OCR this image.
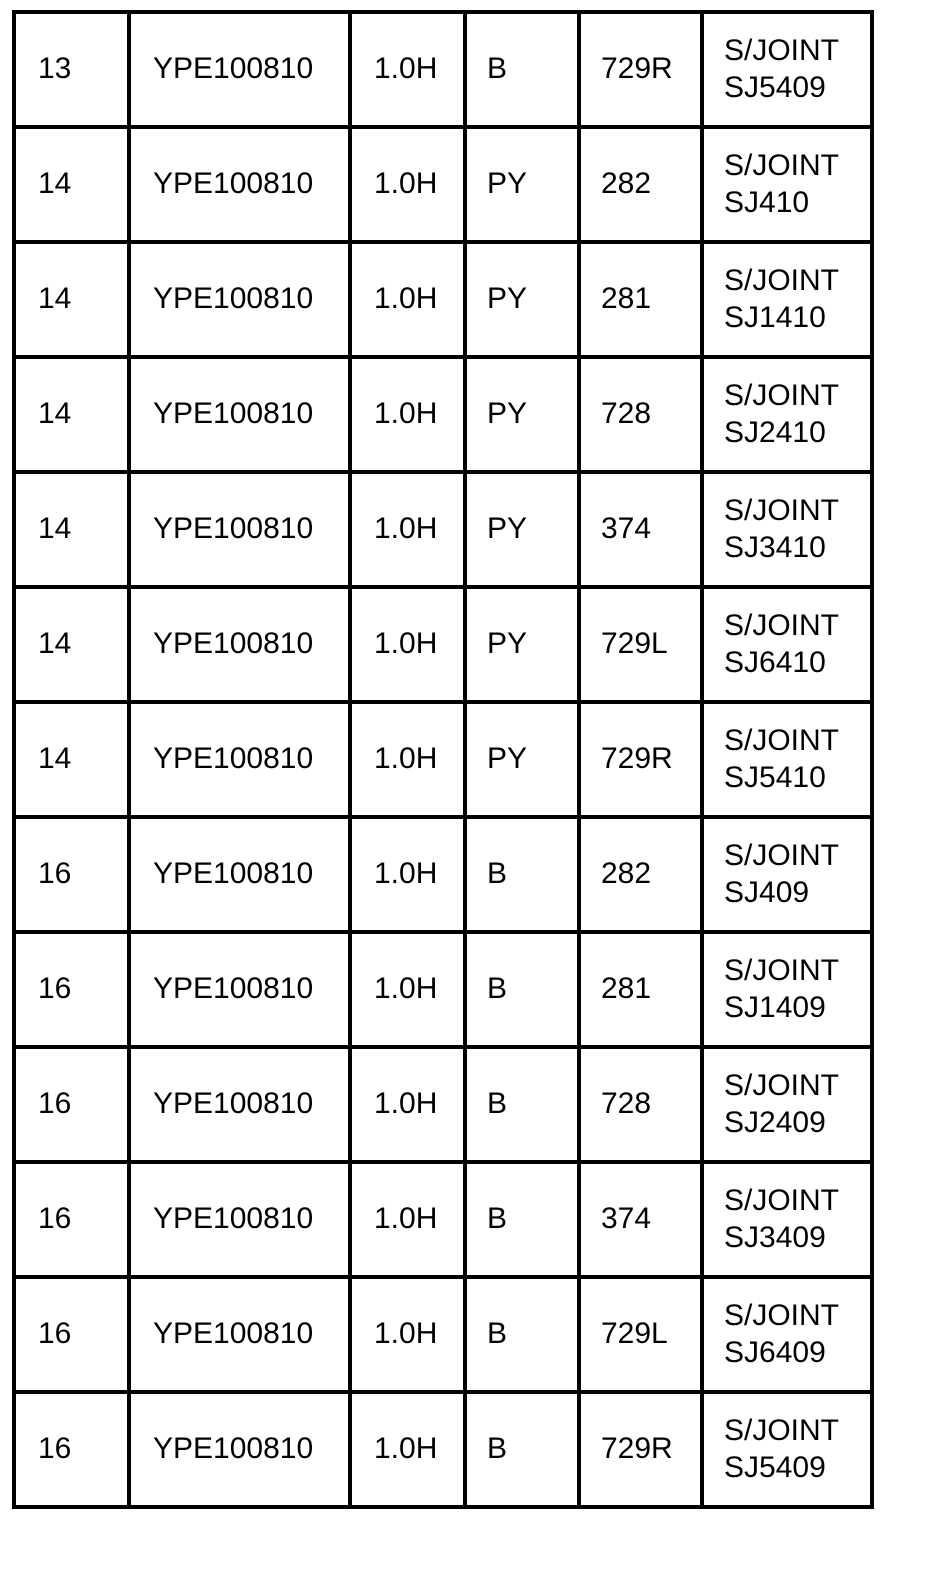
13	YPE100810	1.0H	B	729R	S/JOINT
SJ5409

14	YPE100810	1.0H	PY	282	S/JOINT
SJ410

14	YPE100810	1.0H	PY	281	S/JOINT
SJ1410

14	YPE100810	1.0H	PY	728	S/JOINT
SJ2410

14	YPE100810	1.0H	PY	374	S/JOINT
SJ3410

14	YPE100810	1.0H	PY	729L	S/JOINT
SJ6410

14	YPE100810	1.0H	PY	729R	S/JOINT
SJ5410

16	YPE100810	1.0H	B	282	S/JOINT
SJ409

16	YPE100810	1.0H	B	281	S/JOINT
SJ1409

16	YPE100810	1.0H	B	728	S/JOINT
SJ2409

16	YPE100810	1.0H	B	374	S/JOINT
SJ3409

16	YPE100810	1.0H	B	729L	S/JOINT
SJ6409

16	YPE100810	1.0H	B	729R	S/JOINT
SJ5409
